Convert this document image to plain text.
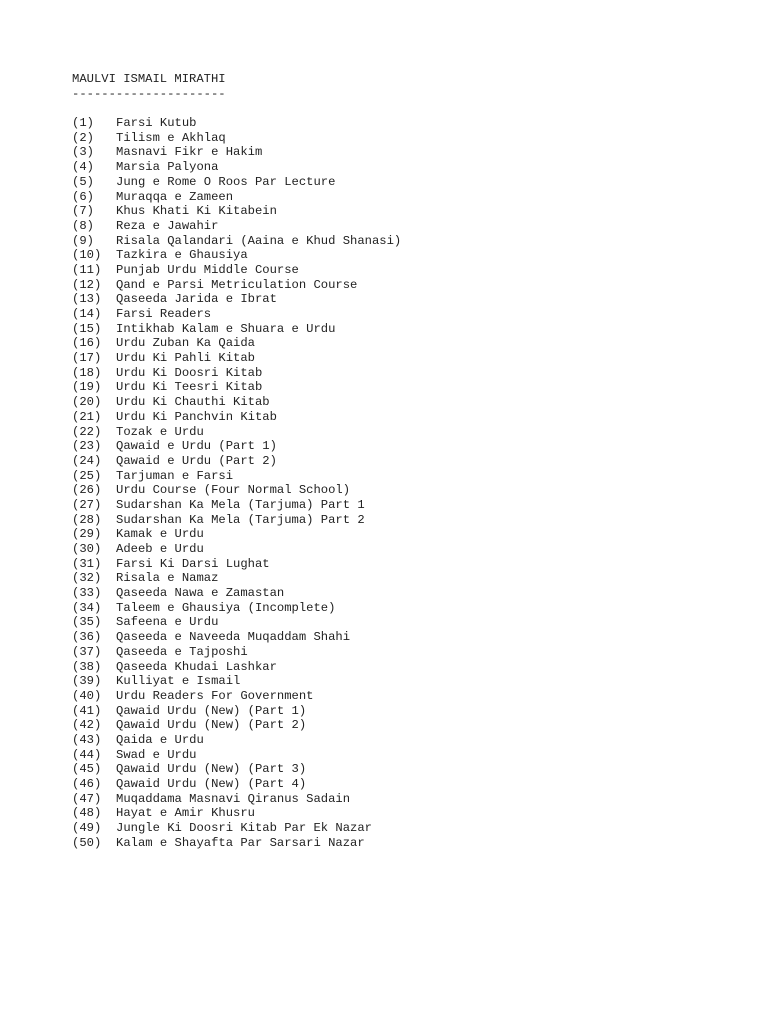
MAULVI ISMAIL MIRATHI
---------------------
(1)	Farsi Kutub
(2)	Tilism e Akhlaq
(3)	Masnavi Fikr e Hakim
(4)	Marsia Palyona
(5)	Jung e Rome O Roos Par Lecture
(6)	Muraqqa e Zameen
(7)	Khus Khati Ki Kitabein
(8)	Reza e Jawahir
(9)	Risala Qalandari (Aaina e Khud Shanasi)
(10)	Tazkira e Ghausiya
(11)	Punjab Urdu Middle Course
(12)	Qand e Parsi Metriculation Course
(13)	Qaseeda Jarida e Ibrat
(14)	Farsi Readers
(15)	Intikhab Kalam e Shuara e Urdu
(16)	Urdu Zuban Ka Qaida
(17)	Urdu Ki Pahli Kitab
(18)	Urdu Ki Doosri Kitab
(19)	Urdu Ki Teesri Kitab
(20)	Urdu Ki Chauthi Kitab
(21)	Urdu Ki Panchvin Kitab
(22)	Tozak e Urdu
(23)	Qawaid e Urdu (Part 1)
(24)	Qawaid e Urdu (Part 2)
(25)	Tarjuman e Farsi
(26)	Urdu Course (Four Normal School)
(27)	Sudarshan Ka Mela (Tarjuma) Part 1
(28)	Sudarshan Ka Mela (Tarjuma) Part 2
(29)	Kamak e Urdu
(30)	Adeeb e Urdu
(31)	Farsi Ki Darsi Lughat
(32)	Risala e Namaz
(33)	Qaseeda Nawa e Zamastan
(34)	Taleem e Ghausiya (Incomplete)
(35)	Safeena e Urdu
(36)	Qaseeda e Naveeda Muqaddam Shahi
(37)	Qaseeda e Tajposhi
(38)	Qaseeda Khudai Lashkar
(39)	Kulliyat e Ismail
(40)	Urdu Readers For Government
(41)	Qawaid Urdu (New) (Part 1)
(42)	Qawaid Urdu (New) (Part 2)
(43)	Qaida e Urdu
(44)	Swad e Urdu
(45)	Qawaid Urdu (New) (Part 3)
(46)	Qawaid Urdu (New) (Part 4)
(47)	Muqaddama Masnavi Qiranus Sadain
(48)	Hayat e Amir Khusru
(49)	Jungle Ki Doosri Kitab Par Ek Nazar
(50)	Kalam e Shayafta Par Sarsari Nazar
